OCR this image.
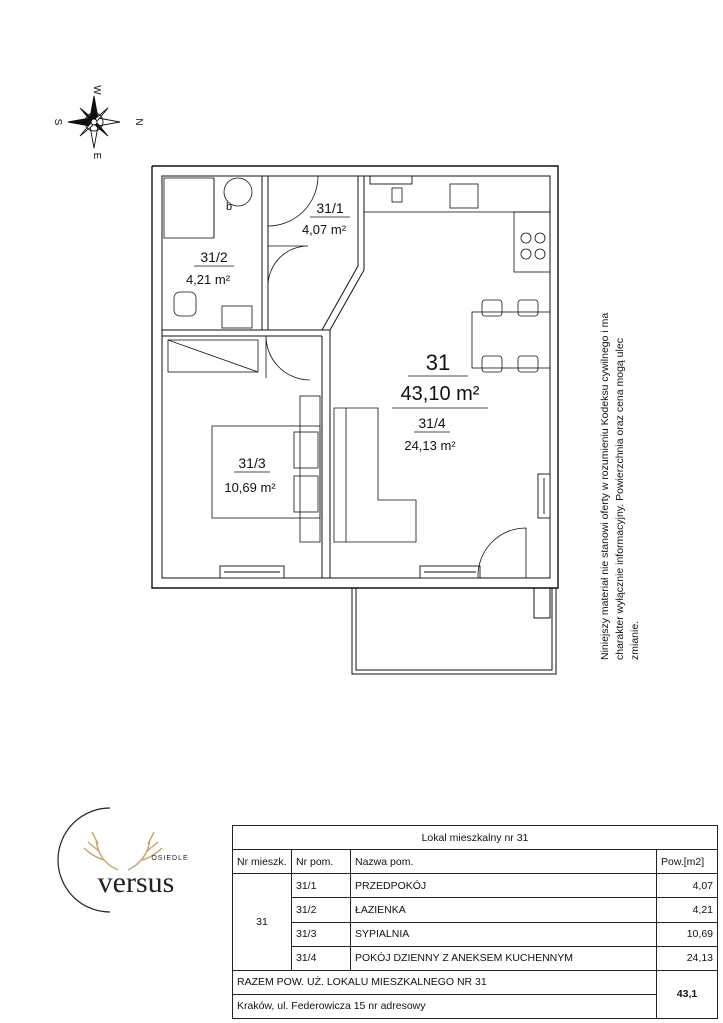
W
E
S	N
b	31/1
4,07 m²
31/2
4,21 m²
31
43,10 m²
31/4
24,13 m²
31/3
10,69 m²	Niniejszy materiał nie stanowi oferty w rozumieniu Kodeksu cywilnego i ma charakter wyłącznie informacyjny. Powierzchnia oraz cena mogą ulec zmianie.
OSIEDLE
versus
Lokal mieszkalny nr 31			
Nr mieszk.	Nr pom.	Nazwa pom.	Pow.[m2]
31	31/1	PRZEDPOKÓJ	4,07
	31/2	ŁAZIENKA	4,21
	31/3	SYPIALNIA	10,69
	31/4	POKÓJ DZIENNY Z ANEKSEM KUCHENNYM	24,13
RAZEM POW. UŻ. LOKALU MIESZKALNEGO NR 31			43,1
Kraków, ul. Federowicza 15 nr adresowy			
